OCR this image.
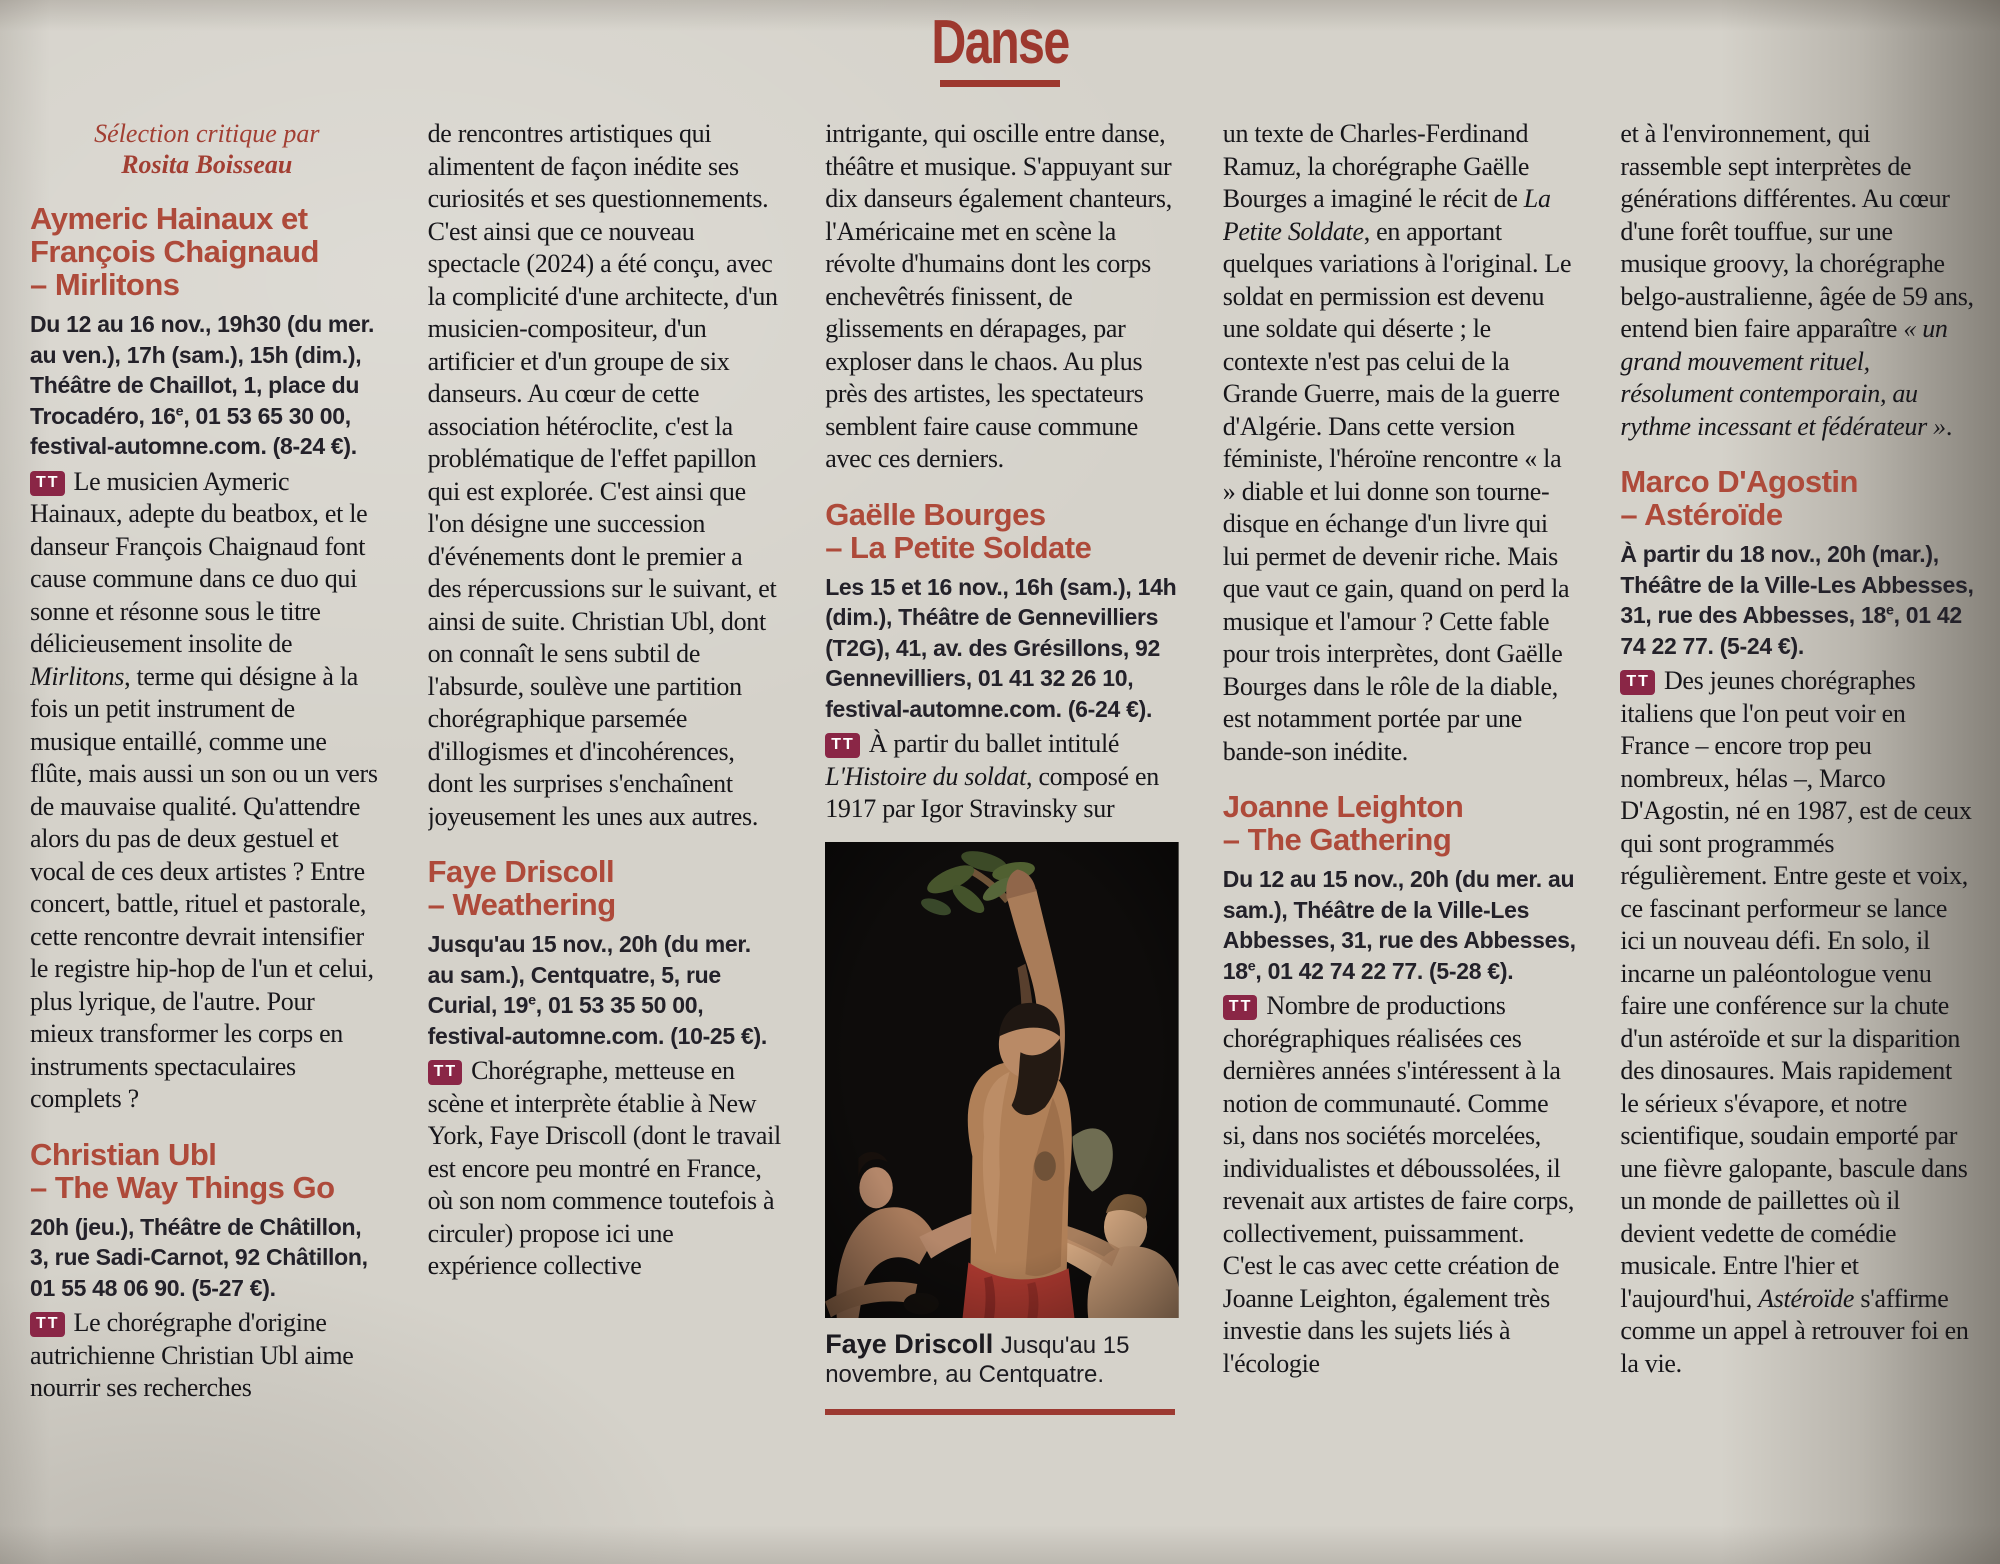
Danse
Sélection critique par
Rosita Boisseau
Aymeric Hainaux et
François Chaignaud
– Mirlitons

Du 12 au 16 nov., 19h30 (du mer. au ven.), 17h (sam.), 15h (dim.), Théâtre de Chaillot, 1, place du Trocadéro, 16e, 01 53 65 30 00, festival-automne.com. (8-24 €).

TT Le musicien Aymeric Hainaux, adepte du beatbox, et le danseur François Chaignaud font cause commune dans ce duo qui sonne et résonne sous le titre délicieusement insolite de Mirlitons, terme qui désigne à la fois un petit instrument de musique entaillé, comme une flûte, mais aussi un son ou un vers de mauvaise qualité. Qu'attendre alors du pas de deux gestuel et vocal de ces deux artistes ? Entre concert, battle, rituel et pastorale, cette rencontre devrait intensifier le registre hip-hop de l'un et celui, plus lyrique, de l'autre. Pour mieux transformer les corps en instruments spectaculaires complets ?

Christian Ubl
– The Way Things Go

20h (jeu.), Théâtre de Châtillon, 3, rue Sadi-Carnot, 92 Châtillon, 01 55 48 06 90. (5-27 €).

TT Le chorégraphe d'origine autrichienne Christian Ubl aime nourrir ses recherches

de rencontres artistiques qui alimentent de façon inédite ses curiosités et ses questionnements. C'est ainsi que ce nouveau spectacle (2024) a été conçu, avec la complicité d'une architecte, d'un musicien-compositeur, d'un artificier et d'un groupe de six danseurs. Au cœur de cette association hétéroclite, c'est la problématique de l'effet papillon qui est explorée. C'est ainsi que l'on désigne une succession d'événements dont le premier a des répercussions sur le suivant, et ainsi de suite. Christian Ubl, dont on connaît le sens subtil de l'absurde, soulève une partition chorégraphique parsemée d'illogismes et d'incohérences, dont les surprises s'enchaînent joyeusement les unes aux autres.

Faye Driscoll
– Weathering

Jusqu'au 15 nov., 20h (du mer. au sam.), Centquatre, 5, rue Curial, 19e, 01 53 35 50 00, festival-automne.com. (10-25 €).

TT Chorégraphe, metteuse en scène et interprète établie à New York, Faye Driscoll (dont le travail est encore peu montré en France, où son nom commence toutefois à circuler) propose ici une expérience collective

intrigante, qui oscille entre danse, théâtre et musique. S'appuyant sur dix danseurs également chanteurs, l'Américaine met en scène la révolte d'humains dont les corps enchevêtrés finissent, de glissements en dérapages, par exploser dans le chaos. Au plus près des artistes, les spectateurs semblent faire cause commune avec ces derniers.

Gaëlle Bourges
– La Petite Soldate

Les 15 et 16 nov., 16h (sam.), 14h (dim.), Théâtre de Gennevilliers (T2G), 41, av. des Grésillons, 92 Gennevilliers, 01 41 32 26 10, festival-automne.com. (6-24 €).

TT À partir du ballet intitulé L'Histoire du soldat, composé en 1917 par Igor Stravinsky sur

Faye Driscoll Jusqu'au 15 novembre, au Centquatre.

un texte de Charles-Ferdinand Ramuz, la chorégraphe Gaëlle Bourges a imaginé le récit de La Petite Soldate, en apportant quelques variations à l'original. Le soldat en permission est devenu une soldate qui déserte ; le contexte n'est pas celui de la Grande Guerre, mais de la guerre d'Algérie. Dans cette version féministe, l'héroïne rencontre « la » diable et lui donne son tourne-disque en échange d'un livre qui lui permet de devenir riche. Mais que vaut ce gain, quand on perd la musique et l'amour ? Cette fable pour trois interprètes, dont Gaëlle Bourges dans le rôle de la diable, est notamment portée par une bande-son inédite.

Joanne Leighton
– The Gathering

Du 12 au 15 nov., 20h (du mer. au sam.), Théâtre de la Ville-Les Abbesses, 31, rue des Abbesses, 18e, 01 42 74 22 77. (5-28 €).

TT Nombre de productions chorégraphiques réalisées ces dernières années s'intéressent à la notion de communauté. Comme si, dans nos sociétés morcelées, individualistes et déboussolées, il revenait aux artistes de faire corps, collectivement, puissamment. C'est le cas avec cette création de Joanne Leighton, également très investie dans les sujets liés à l'écologie

et à l'environnement, qui rassemble sept interprètes de générations différentes. Au cœur d'une forêt touffue, sur une musique groovy, la chorégraphe belgo-australienne, âgée de 59 ans, entend bien faire apparaître « un grand mouvement rituel, résolument contemporain, au rythme incessant et fédérateur ».

Marco D'Agostin
– Astéroïde

À partir du 18 nov., 20h (mar.), Théâtre de la Ville-Les Abbesses, 31, rue des Abbesses, 18e, 01 42 74 22 77. (5-24 €).

TT Des jeunes chorégraphes italiens que l'on peut voir en France – encore trop peu nombreux, hélas –, Marco D'Agostin, né en 1987, est de ceux qui sont programmés régulièrement. Entre geste et voix, ce fascinant performeur se lance ici un nouveau défi. En solo, il incarne un paléontologue venu faire une conférence sur la chute d'un astéroïde et sur la disparition des dinosaures. Mais rapidement le sérieux s'évapore, et notre scientifique, soudain emporté par une fièvre galopante, bascule dans un monde de paillettes où il devient vedette de comédie musicale. Entre l'hier et l'aujourd'hui, Astéroïde s'affirme comme un appel à retrouver foi en la vie.
